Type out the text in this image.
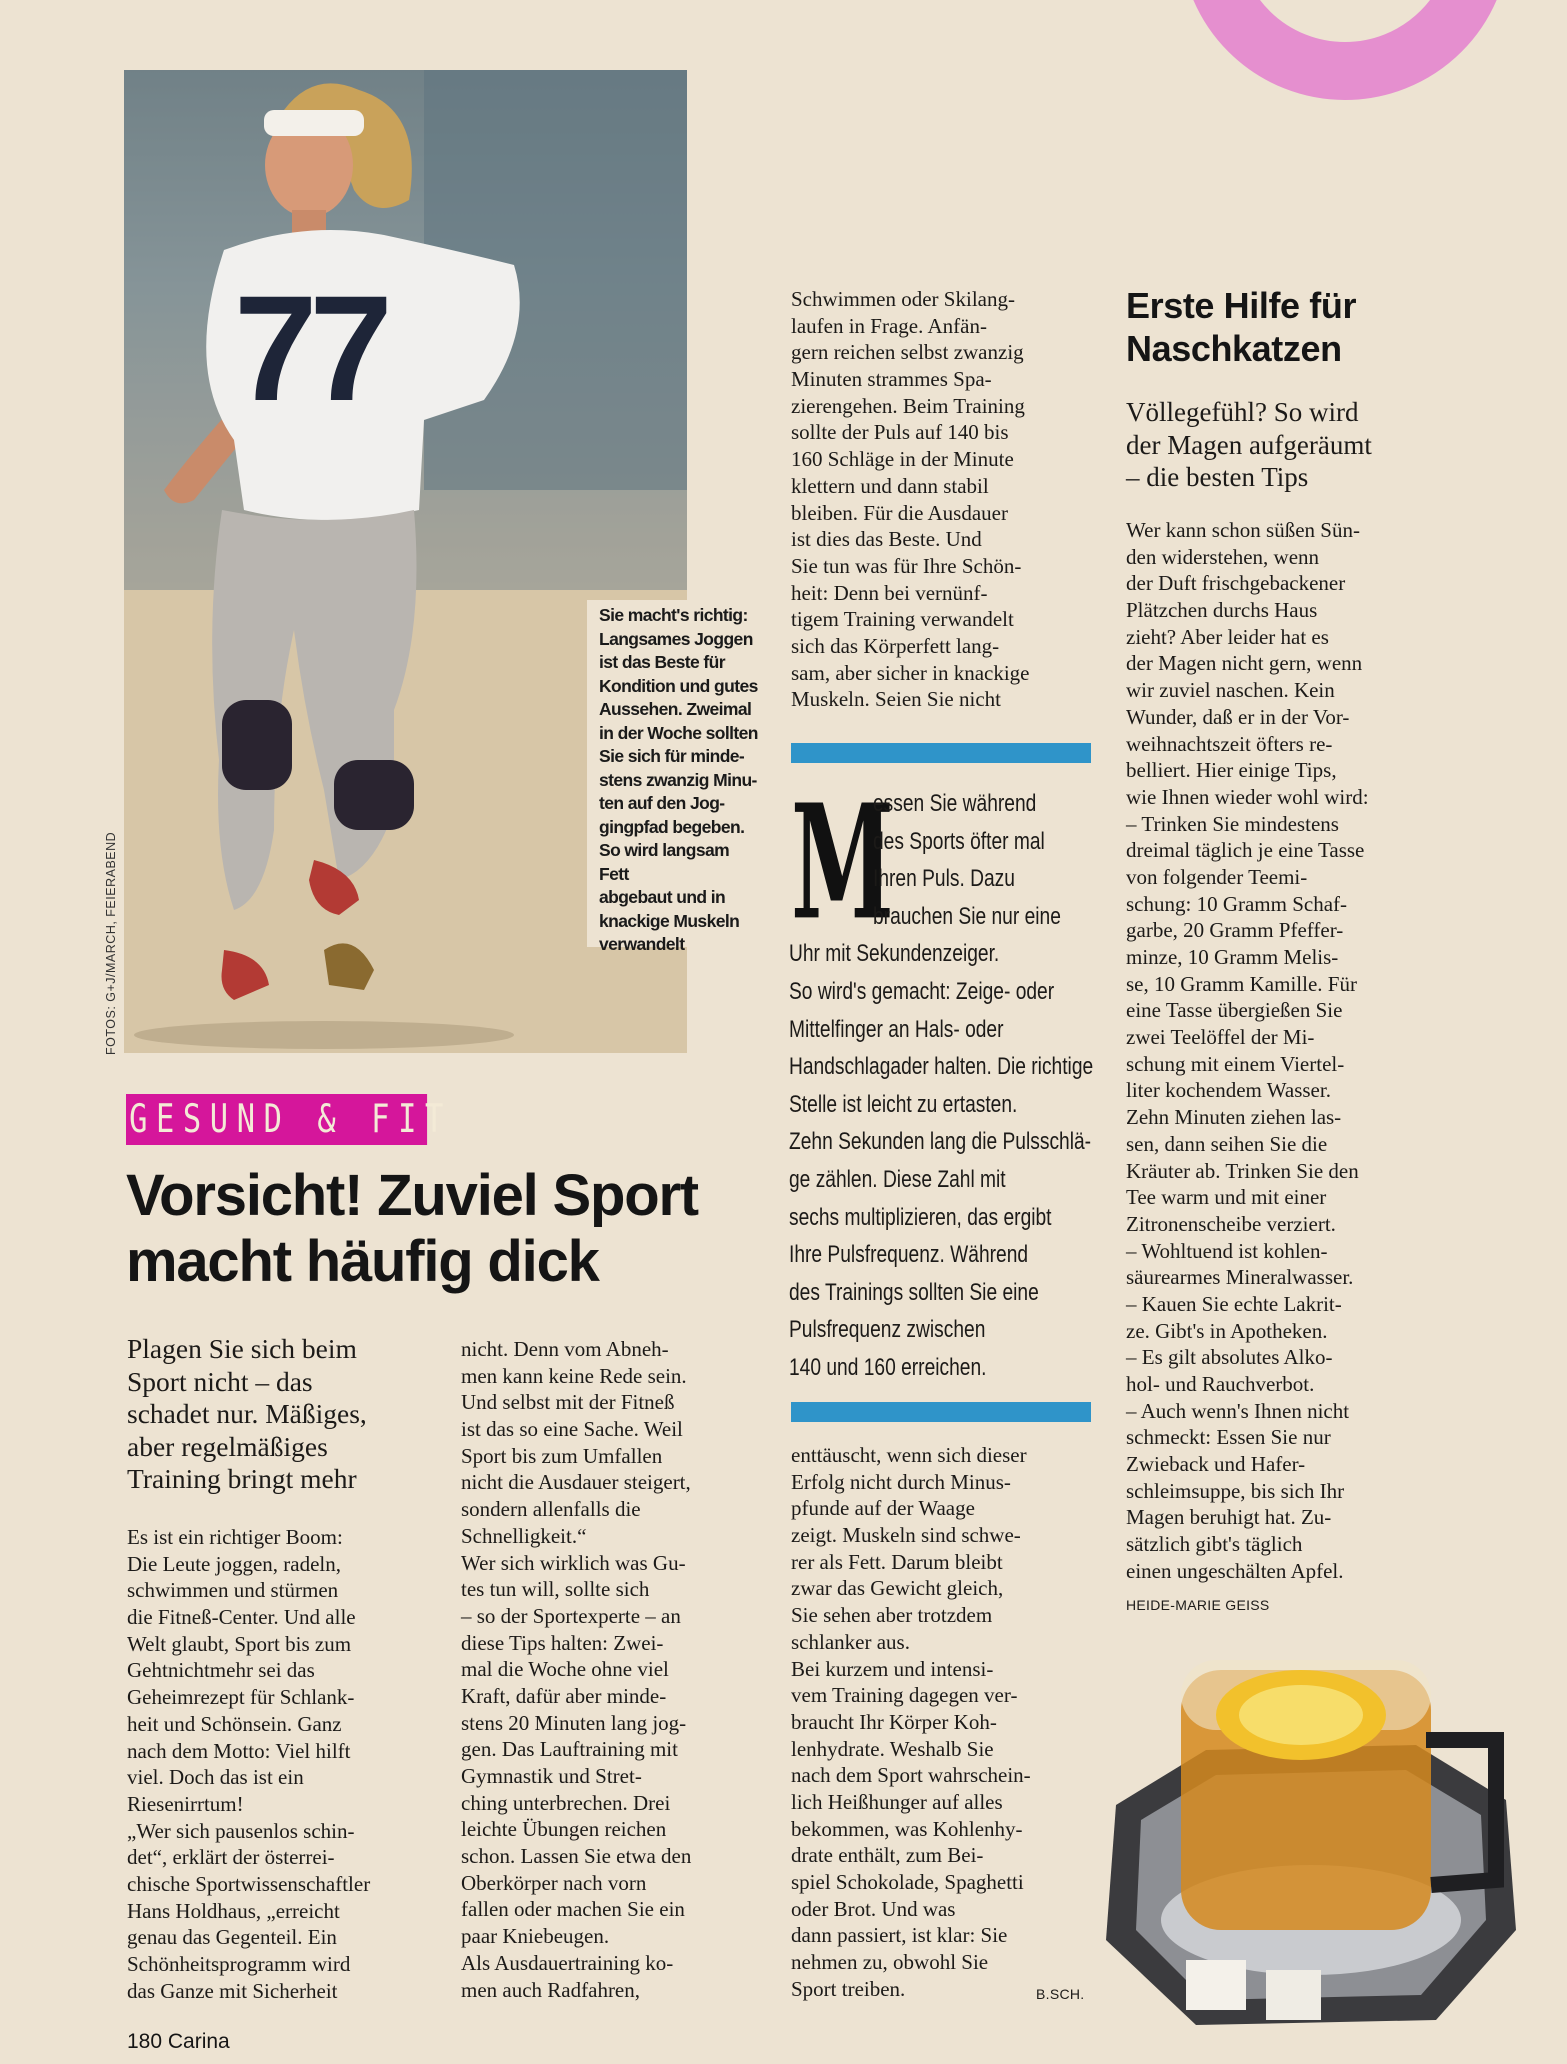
77
Sie macht's richtig:
Langsames Joggen
ist das Beste für
Kondition und gutes
Aussehen. Zweimal
in der Woche sollten
Sie sich für minde-
stens zwanzig Minu-
ten auf den Jog-
gingpfad begeben.
So wird langsam Fett
abgebaut und in
knackige Muskeln
verwandelt
FOTOS: G+J/MARCH, FEIERABEND
GESUND & FIT
Vorsicht! Zuviel Sport
macht häufig dick
Plagen Sie sich beim
Sport nicht – das
schadet nur. Mäßiges,
aber regelmäßiges
Training bringt mehr
Es ist ein richtiger Boom:
Die Leute joggen, radeln,
schwimmen und stürmen
die Fitneß-Center. Und alle
Welt glaubt, Sport bis zum
Gehtnichtmehr sei das
Geheimrezept für Schlank-
heit und Schönsein. Ganz
nach dem Motto: Viel hilft
viel. Doch das ist ein
Riesenirrtum!
„Wer sich pausenlos schin-
det“, erklärt der österrei-
chische Sportwissenschaftler
Hans Holdhaus, „erreicht
genau das Gegenteil. Ein
Schönheitsprogramm wird
das Ganze mit Sicherheit
nicht. Denn vom Abneh-
men kann keine Rede sein.
Und selbst mit der Fitneß
ist das so eine Sache. Weil
Sport bis zum Umfallen
nicht die Ausdauer steigert,
sondern allenfalls die
Schnelligkeit.“
Wer sich wirklich was Gu-
tes tun will, sollte sich
– so der Sportexperte – an
diese Tips halten: Zwei-
mal die Woche ohne viel
Kraft, dafür aber minde-
stens 20 Minuten lang jog-
gen. Das Lauftraining mit
Gymnastik und Stret-
ching unterbrechen. Drei
leichte Übungen reichen
schon. Lassen Sie etwa den
Oberkörper nach vorn
fallen oder machen Sie ein
paar Kniebeugen.
Als Ausdauertraining ko-
men auch Radfahren,
Schwimmen oder Skilang-
laufen in Frage. Anfän-
gern reichen selbst zwanzig
Minuten strammes Spa-
zierengehen. Beim Training
sollte der Puls auf 140 bis
160 Schläge in der Minute
klettern und dann stabil
bleiben. Für die Ausdauer
ist dies das Beste. Und
Sie tun was für Ihre Schön-
heit: Denn bei vernünf-
tigem Training verwandelt
sich das Körperfett lang-
sam, aber sicher in knackige
Muskeln. Seien Sie nicht
M
essen Sie während
des Sports öfter mal
Ihren Puls. Dazu
brauchen Sie nur eine
Uhr mit Sekundenzeiger.
So wird's gemacht: Zeige- oder
Mittelfinger an Hals- oder
Handschlagader halten. Die richtige
Stelle ist leicht zu ertasten.
Zehn Sekunden lang die Pulsschlä-
ge zählen. Diese Zahl mit
sechs multiplizieren, das ergibt
Ihre Pulsfrequenz. Während
des Trainings sollten Sie eine
Pulsfrequenz zwischen
140 und 160 erreichen.
enttäuscht, wenn sich dieser
Erfolg nicht durch Minus-
pfunde auf der Waage
zeigt. Muskeln sind schwe-
rer als Fett. Darum bleibt
zwar das Gewicht gleich,
Sie sehen aber trotzdem
schlanker aus.
Bei kurzem und intensi-
vem Training dagegen ver-
braucht Ihr Körper Koh-
lenhydrate. Weshalb Sie
nach dem Sport wahrschein-
lich Heißhunger auf alles
bekommen, was Kohlenhy-
drate enthält, zum Bei-
spiel Schokolade, Spaghetti
oder Brot. Und was
dann passiert, ist klar: Sie
nehmen zu, obwohl Sie
Sport treiben.	B.SCH.
Erste Hilfe für
Naschkatzen
Völlegefühl? So wird
der Magen aufgeräumt
– die besten Tips
Wer kann schon süßen Sün-
den widerstehen, wenn
der Duft frischgebackener
Plätzchen durchs Haus
zieht? Aber leider hat es
der Magen nicht gern, wenn
wir zuviel naschen. Kein
Wunder, daß er in der Vor-
weihnachtszeit öfters re-
belliert. Hier einige Tips,
wie Ihnen wieder wohl wird:
– Trinken Sie mindestens
dreimal täglich je eine Tasse
von folgender Teemi-
schung: 10 Gramm Schaf-
garbe, 20 Gramm Pfeffer-
minze, 10 Gramm Melis-
se, 10 Gramm Kamille. Für
eine Tasse übergießen Sie
zwei Teelöffel der Mi-
schung mit einem Viertel-
liter kochendem Wasser.
Zehn Minuten ziehen las-
sen, dann seihen Sie die
Kräuter ab. Trinken Sie den
Tee warm und mit einer
Zitronenscheibe verziert.
– Wohltuend ist kohlen-
säurearmes Mineralwasser.
– Kauen Sie echte Lakrit-
ze. Gibt's in Apotheken.
– Es gilt absolutes Alko-
hol- und Rauchverbot.
– Auch wenn's Ihnen nicht
schmeckt: Essen Sie nur
Zwieback und Hafer-
schleimsuppe, bis sich Ihr
Magen beruhigt hat. Zu-
sätzlich gibt's täglich
einen ungeschälten Apfel.
HEIDE-MARIE GEISS
180 Carina
